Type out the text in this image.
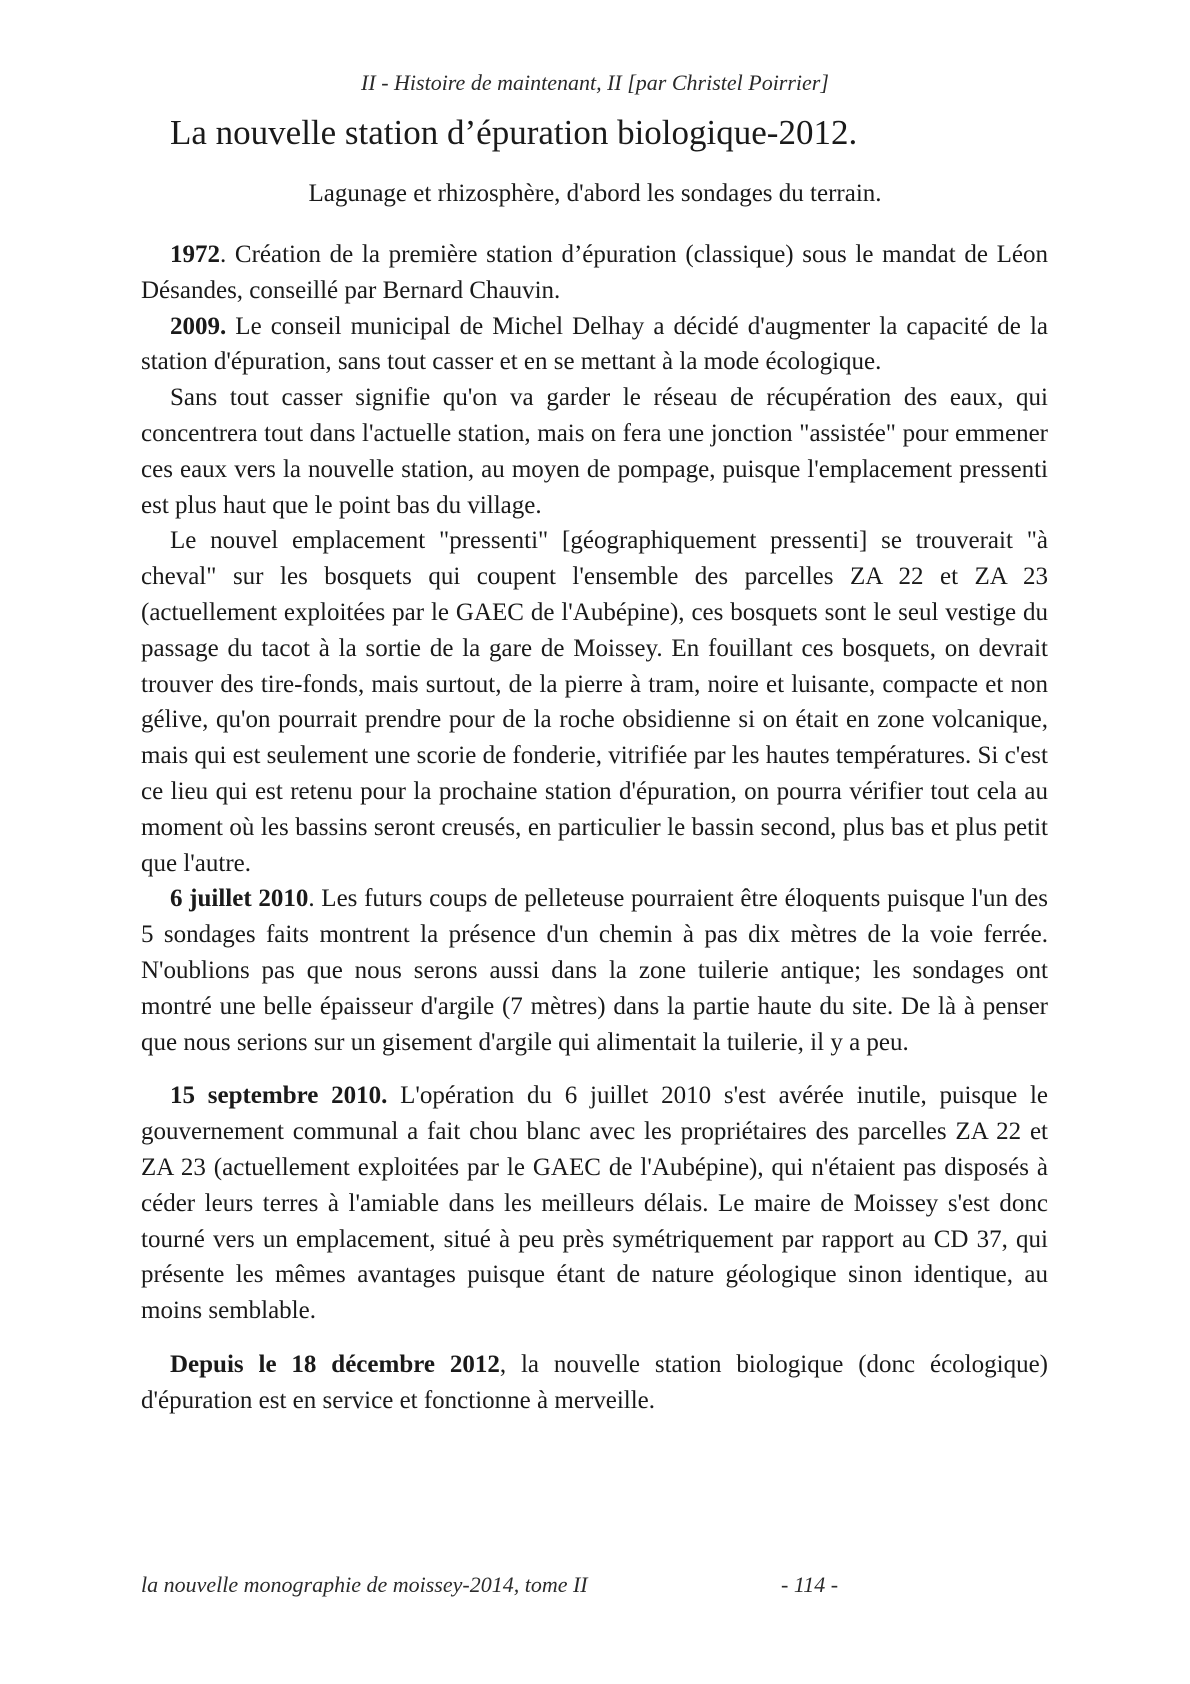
II - Histoire de maintenant, II [par Christel Poirrier]
La nouvelle station d’épuration biologique-2012.

Lagunage et rhizosphère, d'abord les sondages du terrain.

1972. Création de la première station d’épuration (classique) sous le mandat de Léon Désandes, conseillé par Bernard Chauvin.

2009. Le conseil municipal de Michel Delhay a décidé d'augmenter la capacité de la station d'épuration, sans tout casser et en se mettant à la mode écologique.

Sans tout casser signifie qu'on va garder le réseau de récupération des eaux, qui concentrera tout dans l'actuelle station, mais on fera une jonction "assistée" pour emmener ces eaux vers la nouvelle station, au moyen de pompage, puisque l'emplacement pressenti est plus haut que le point bas du village.

Le nouvel emplacement "pressenti" [géographiquement pressenti] se trouverait "à cheval" sur les bosquets qui coupent l'ensemble des parcelles ZA 22 et ZA 23 (actuellement exploitées par le GAEC de l'Aubépine), ces bosquets sont le seul vestige du passage du tacot à la sortie de la gare de Moissey. En fouillant ces bosquets, on devrait trouver des tire-fonds, mais surtout, de la pierre à tram, noire et luisante, compacte et non gélive, qu'on pourrait prendre pour de la roche obsidienne si on était en zone volcanique, mais qui est seulement une scorie de fonderie, vitrifiée par les hautes températures. Si c'est ce lieu qui est retenu pour la prochaine station d'épuration, on pourra vérifier tout cela au moment où les bassins seront creusés, en particulier le bassin second, plus bas et plus petit que l'autre.

6 juillet 2010. Les futurs coups de pelleteuse pourraient être éloquents puisque l'un des 5 sondages faits montrent la présence d'un chemin à pas dix mètres de la voie ferrée. N'oublions pas que nous serons aussi dans la zone tuilerie antique; les sondages ont montré une belle épaisseur d'argile (7 mètres) dans la partie haute du site. De là à penser que nous serions sur un gisement d'argile qui alimentait la tuilerie, il y a peu.

15 septembre 2010. L'opération du 6 juillet 2010 s'est avérée inutile, puisque le gouvernement communal a fait chou blanc avec les propriétaires des parcelles ZA 22 et ZA 23 (actuellement exploitées par le GAEC de l'Aubépine), qui n'étaient pas disposés à céder leurs terres à l'amiable dans les meilleurs délais. Le maire de Moissey s'est donc tourné vers un emplacement, situé à peu près symétriquement par rapport au CD 37, qui présente les mêmes avantages puisque étant de nature géologique sinon identique, au moins semblable.

Depuis le 18 décembre 2012, la nouvelle station biologique (donc écologique) d'épuration est en service et fonctionne à merveille.

la nouvelle monographie de moissey-2014, tome II	- 114 -
